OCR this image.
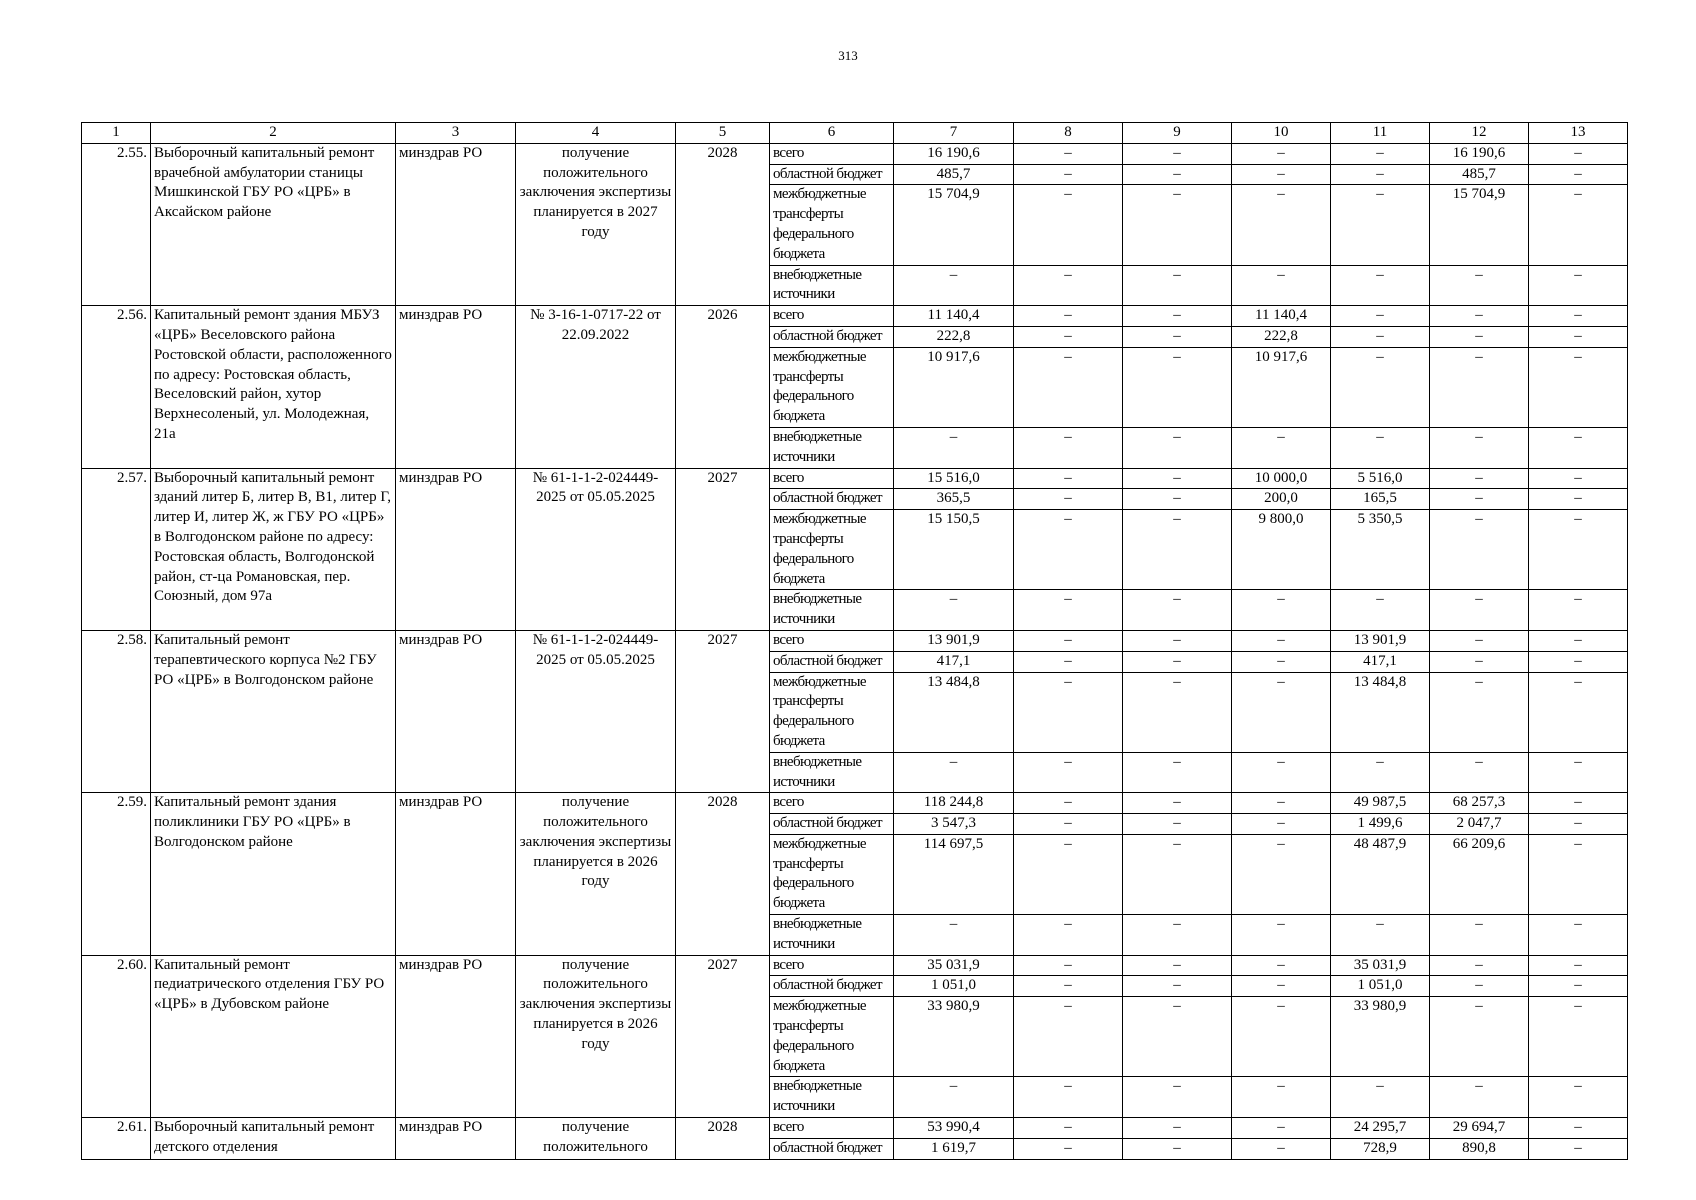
313
1	2	3	4	5	6	7	8	9	10	11	12	13
2.55.	Выборочный капитальный ремонт врачебной амбулатории станицы Мишкинской ГБУ РО «ЦРБ» в Аксайском районе	минздрав РО	получение положительного заключения экспертизы планируется в 2027 году	2028	всего	16 190,6	–	–	–	–	16 190,6	–
					областной бюджет	485,7	–	–	–	–	485,7	–
					межбюджетные трансферты федерального бюджета	15 704,9	–	–	–	–	15 704,9	–
					внебюджетные источники	–	–	–	–	–	–	–
2.56.	Капитальный ремонт здания МБУЗ «ЦРБ» Веселовского района Ростовской области, расположенного по адресу: Ростовская область, Веселовский район, хутор Верхнесоленый, ул. Молодежная, 21а	минздрав РО	№ 3-16-1-0717-22 от 22.09.2022	2026	всего	11 140,4	–	–	11 140,4	–	–	–
					областной бюджет	222,8	–	–	222,8	–	–	–
					межбюджетные трансферты федерального бюджета	10 917,6	–	–	10 917,6	–	–	–
					внебюджетные источники	–	–	–	–	–	–	–
2.57.	Выборочный капитальный ремонт зданий литер Б, литер В, В1, литер Г, литер И, литер Ж, ж ГБУ РО «ЦРБ» в Волгодонском районе по адресу: Ростовская область, Волгодонской район, ст-ца Романовская, пер. Союзный, дом 97а	минздрав РО	№ 61-1-1-2-024449-2025 от 05.05.2025	2027	всего	15 516,0	–	–	10 000,0	5 516,0	–	–
					областной бюджет	365,5	–	–	200,0	165,5	–	–
					межбюджетные трансферты федерального бюджета	15 150,5	–	–	9 800,0	5 350,5	–	–
					внебюджетные источники	–	–	–	–	–	–	–
2.58.	Капитальный ремонт терапевтического корпуса №2 ГБУ РО «ЦРБ» в Волгодонском районе	минздрав РО	№ 61-1-1-2-024449-2025 от 05.05.2025	2027	всего	13 901,9	–	–	–	13 901,9	–	–
					областной бюджет	417,1	–	–	–	417,1	–	–
					межбюджетные трансферты федерального бюджета	13 484,8	–	–	–	13 484,8	–	–
					внебюджетные источники	–	–	–	–	–	–	–
2.59.	Капитальный ремонт здания поликлиники ГБУ РО «ЦРБ» в Волгодонском районе	минздрав РО	получение положительного заключения экспертизы планируется в 2026 году	2028	всего	118 244,8	–	–	–	49 987,5	68 257,3	–
					областной бюджет	3 547,3	–	–	–	1 499,6	2 047,7	–
					межбюджетные трансферты федерального бюджета	114 697,5	–	–	–	48 487,9	66 209,6	–
					внебюджетные источники	–	–	–	–	–	–	–
2.60.	Капитальный ремонт педиатрического отделения ГБУ РО «ЦРБ» в Дубовском районе	минздрав РО	получение положительного заключения экспертизы планируется в 2026 году	2027	всего	35 031,9	–	–	–	35 031,9	–	–
					областной бюджет	1 051,0	–	–	–	1 051,0	–	–
					межбюджетные трансферты федерального бюджета	33 980,9	–	–	–	33 980,9	–	–
					внебюджетные источники	–	–	–	–	–	–	–
2.61.	Выборочный капитальный ремонт детского отделения	минздрав РО	получение положительного	2028	всего	53 990,4	–	–	–	24 295,7	29 694,7	–
					областной бюджет	1 619,7	–	–	–	728,9	890,8	–
